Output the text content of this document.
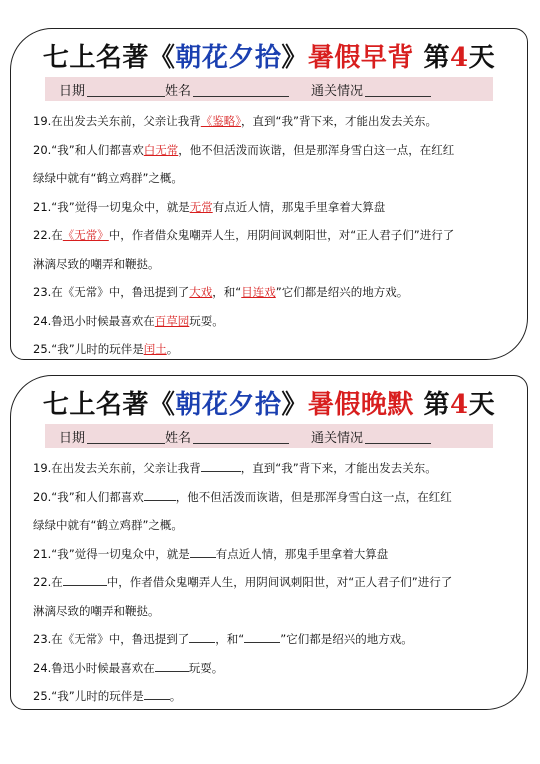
七上名著《朝花夕拾》暑假早背 第4天
日期	姓名	通关情况
19.在出发去关东前，父亲让我背《鉴略》，直到“我”背下来，才能出发去关东。
20.“我”和人们都喜欢白无常，他不但活泼而诙谐，但是那浑身雪白这一点，在红红
绿绿中就有“鹤立鸡群”之概。
21.“我”觉得一切鬼众中，就是无常有点近人情，那鬼手里拿着大算盘
22.在《无常》中，作者借众鬼嘲弄人生，用阴间讽刺阳世，对“正人君子们”进行了
淋漓尽致的嘲弄和鞭挞。
23.在《无常》中，鲁迅提到了大戏，和“目连戏”它们都是绍兴的地方戏。
24.鲁迅小时候最喜欢在百草园玩耍。
25.“我”儿时的玩伴是闰土。
七上名著《朝花夕拾》暑假晚默 第4天
日期	姓名	通关情况
19.在出发去关东前，父亲让我背	，直到“我”背下来，才能出发去关东。
20.“我”和人们都喜欢	，他不但活泼而诙谐，但是那浑身雪白这一点，在红红
绿绿中就有“鹤立鸡群”之概。
21.“我”觉得一切鬼众中，就是 有点近人情，那鬼手里拿着大算盘
22.在	中，作者借众鬼嘲弄人生，用阴间讽刺阳世，对“正人君子们”进行了
淋漓尽致的嘲弄和鞭挞。
23.在《无常》中，鲁迅提到了 ，和“	”它们都是绍兴的地方戏。
24.鲁迅小时候最喜欢在	玩耍。
25.“我”儿时的玩伴是 。
